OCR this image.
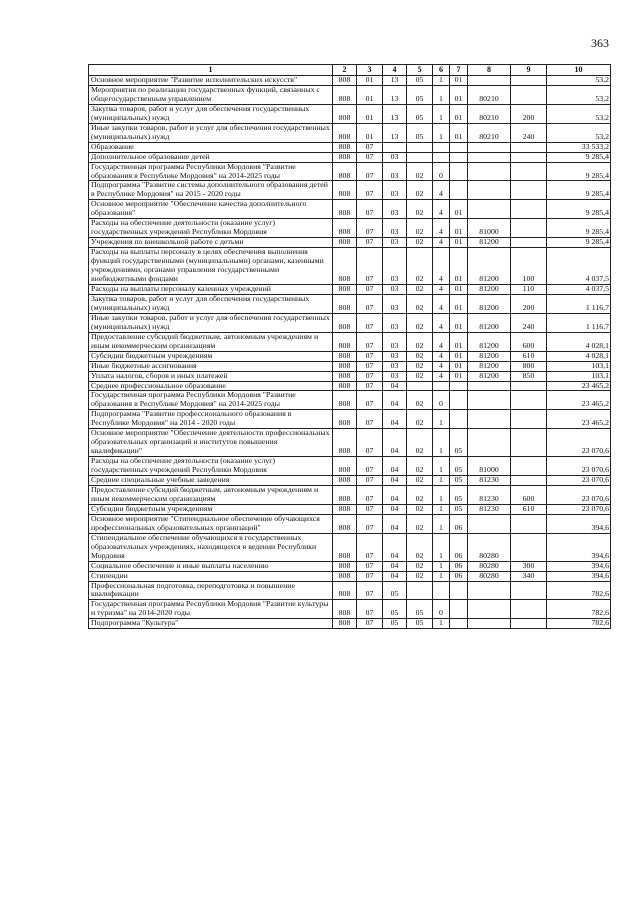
363
1	2	3	4	5	6	7	8	9	10
Основное мероприятие "Развитие исполнительских искусств"	808	01	13	05	1	01			53,2
Мероприятия по реализации государственных функций, связанных с общегосударственным управлением	808	01	13	05	1	01	80210		53,2
Закупка товаров, работ и услуг для обеспечения государственных (муниципальных) нужд	808	01	13	05	1	01	80210	200	53,2
Иные закупки товаров, работ и услуг для обеспечения государственных (муниципальных) нужд	808	01	13	05	1	01	80210	240	53,2
Образование	808	07							33 533,2
Дополнительное образование детей	808	07	03						9 285,4
Государственная программа Республики Мордовия "Развитие образования в Республике Мордовия" на 2014-2025 годы	808	07	03	02	0				9 285,4
Подпрограмма "Развитие системы дополнительного образования детей в Республике Мордовия" на 2015 - 2020 годы	808	07	03	02	4				9 285,4
Основное мероприятие "Обеспечение качества дополнительного образования"	808	07	03	02	4	01			9 285,4
Расходы на обеспечение деятельности (оказание услуг) государственных учреждений Республики Мордовия	808	07	03	02	4	01	81000		9 285,4
Учреждения по внешкольной работе с детьми	808	07	03	02	4	01	81200		9 285,4
Расходы на выплаты персоналу в целях обеспечения выполнения функций государственными (муниципальными) органами, казенными учреждениями, органами управления государственными внебюджетными фондами	808	07	03	02	4	01	81200	100	4 037,5
Расходы на выплаты персоналу казенных учреждений	808	07	03	02	4	01	81200	110	4 037,5
Закупка товаров, работ и услуг для обеспечения государственных (муниципальных) нужд	808	07	03	02	4	01	81200	200	1 116,7
Иные закупки товаров, работ и услуг для обеспечения государственных (муниципальных) нужд	808	07	03	02	4	01	81200	240	1 116,7
Предоставление субсидий бюджетным, автономным учреждениям и иным некоммерческим организациям	808	07	03	02	4	01	81200	600	4 028,1
Субсидии бюджетным учреждениям	808	07	03	02	4	01	81200	610	4 028,1
Иные бюджетные ассигнования	808	07	03	02	4	01	81200	800	103,1
Уплата налогов, сборов и иных платежей	808	07	03	02	4	01	81200	850	103,1
Среднее профессиональное образование	808	07	04						23 465,2
Государственная программа Республики Мордовия "Развитие образования в Республике Мордовия" на 2014-2025 годы	808	07	04	02	0				23 465,2
Подпрограмма "Развитие профессионального образования в Республике Мордовия" на 2014 - 2020 годы	808	07	04	02	1				23 465,2
Основное мероприятие "Обеспечение деятельности профессиональных образовательных организаций и институтов повышения квалификации"	808	07	04	02	1	05			23 070,6
Расходы на обеспечение деятельности (оказание услуг) государственных учреждений Республики Мордовия	808	07	04	02	1	05	81000		23 070,6
Средние специальные учебные заведения	808	07	04	02	1	05	81230		23 070,6
Предоставление субсидий бюджетным, автономным учреждениям и иным некоммерческим организациям	808	07	04	02	1	05	81230	600	23 070,6
Субсидии бюджетным учреждениям	808	07	04	02	1	05	81230	610	23 070,6
Основное мероприятие "Стипендиальное обеспечение обучающихся профессиональных образовательных организаций"	808	07	04	02	1	06			394,6
Стипендиальное обеспечение обучающихся в государственных образовательных учреждениях, находящихся в ведении Республики Мордовия	808	07	04	02	1	06	80280		394,6
Социальное обеспечение и иные выплаты населению	808	07	04	02	1	06	80280	300	394,6
Стипендии	808	07	04	02	1	06	80280	340	394,6
Профессиональная подготовка, переподготовка и повышение квалификации	808	07	05						782,6
Государственная программа Республики Мордовия "Развитие культуры и туризма" на 2014-2020 годы	808	07	05	05	0				782,6
Подпрограмма "Культура"	808	07	05	05	1				782,6
